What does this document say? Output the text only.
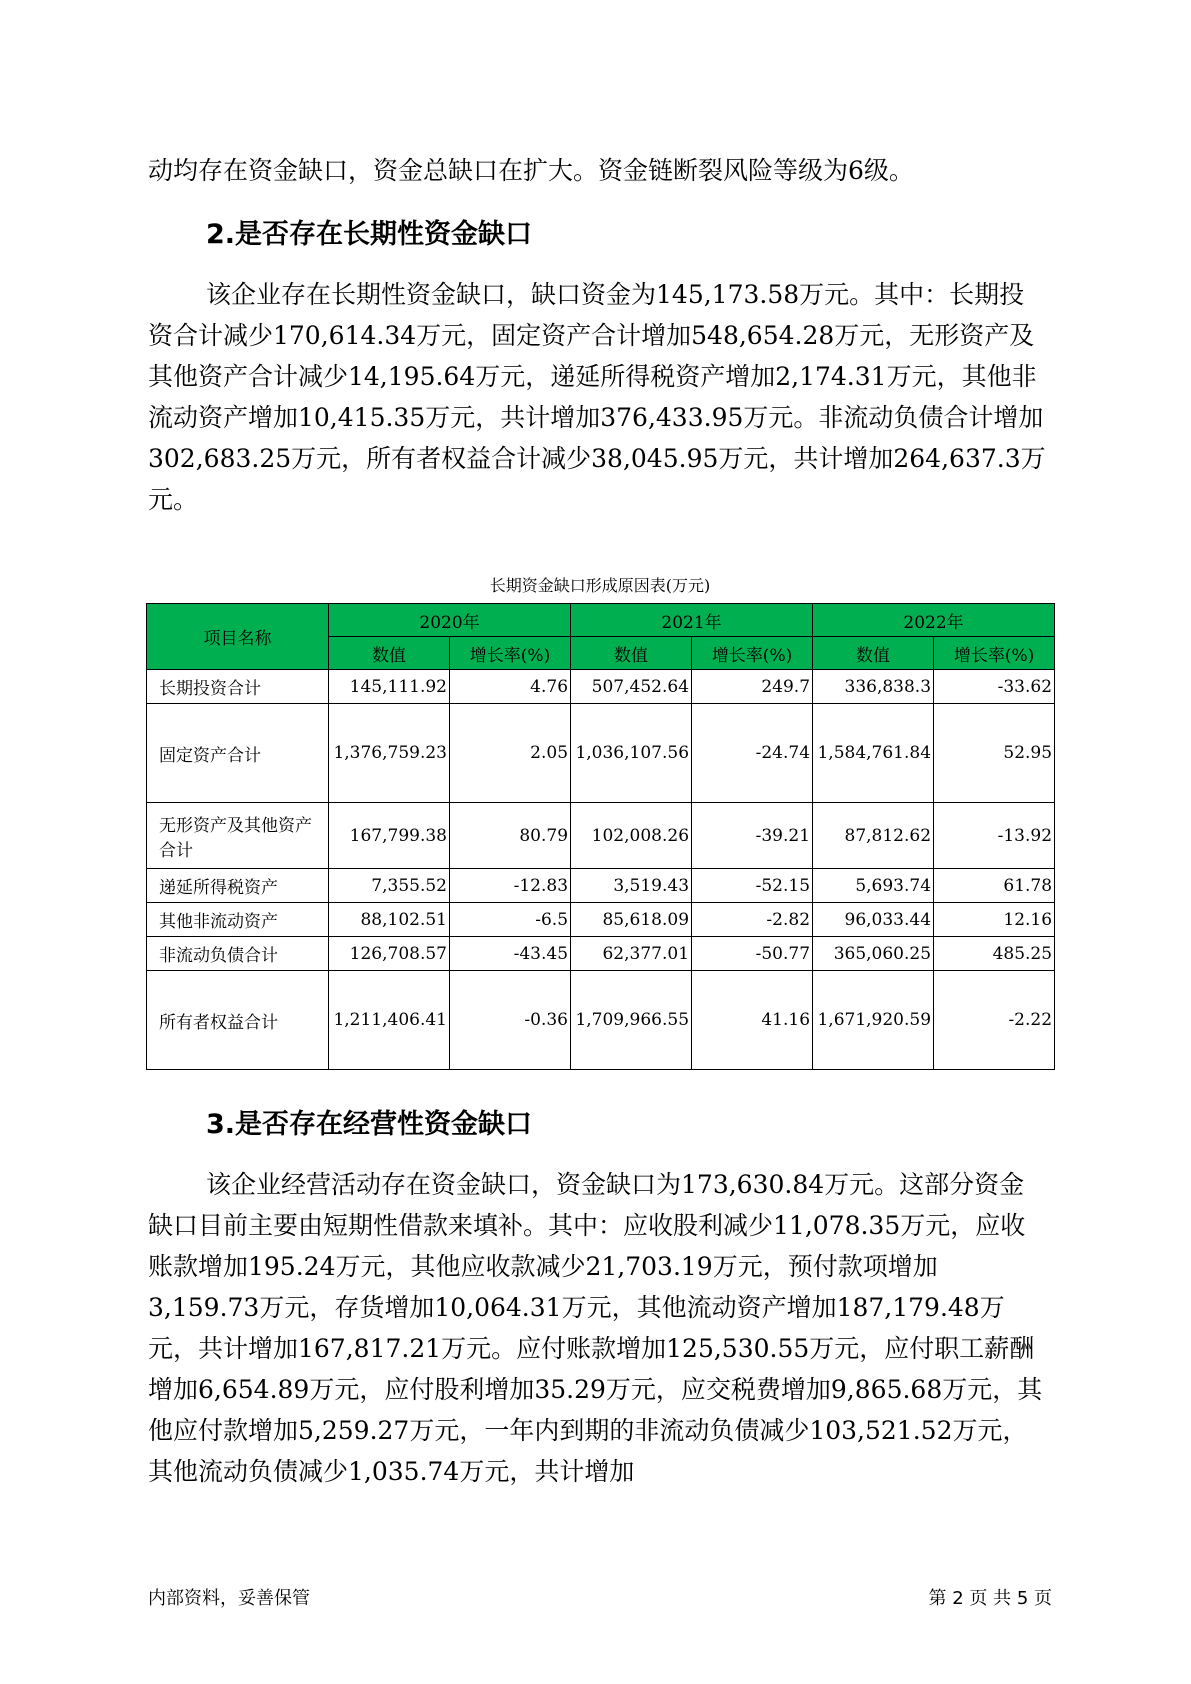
动均存在资金缺口，资金总缺口在扩大。资金链断裂风险等级为6级。

2.是否存在长期性资金缺口

该企业存在长期性资金缺口，缺口资金为145,173.58万元。其中：长期投资合计减少170,614.34万元，固定资产合计增加548,654.28万元，无形资产及其他资产合计减少14,195.64万元，递延所得税资产增加2,174.31万元，其他非流动资产增加10,415.35万元，共计增加376,433.95万元。非流动负债合计增加302,683.25万元，所有者权益合计减少38,045.95万元，共计增加264,637.3万元。

长期资金缺口形成原因表(万元)
项目名称	2020年		2021年		2022年	
	数值	增长率(%)	数值	增长率(%)	数值	增长率(%)
长期投资合计	145,111.92	4.76	507,452.64	249.7	336,838.3	-33.62
固定资产合计	1,376,759.23	2.05	1,036,107.56	-24.74	1,584,761.84	52.95
无形资产及其他资产合计	167,799.38	80.79	102,008.26	-39.21	87,812.62	-13.92
递延所得税资产	7,355.52	-12.83	3,519.43	-52.15	5,693.74	61.78
其他非流动资产	88,102.51	-6.5	85,618.09	-2.82	96,033.44	12.16
非流动负债合计	126,708.57	-43.45	62,377.01	-50.77	365,060.25	485.25
所有者权益合计	1,211,406.41	-0.36	1,709,966.55	41.16	1,671,920.59	-2.22
3.是否存在经营性资金缺口

该企业经营活动存在资金缺口，资金缺口为173,630.84万元。这部分资金缺口目前主要由短期性借款来填补。其中：应收股利减少11,078.35万元，应收账款增加195.24万元，其他应收款减少21,703.19万元，预付款项增加3,159.73万元，存货增加10,064.31万元，其他流动资产增加187,179.48万元，共计增加167,817.21万元。应付账款增加125,530.55万元，应付职工薪酬增加6,654.89万元，应付股利增加35.29万元，应交税费增加9,865.68万元，其他应付款增加5,259.27万元，一年内到期的非流动负债减少103,521.52万元，其他流动负债减少1,035.74万元，共计增加

内部资料，妥善保管	第 2 页 共 5 页
